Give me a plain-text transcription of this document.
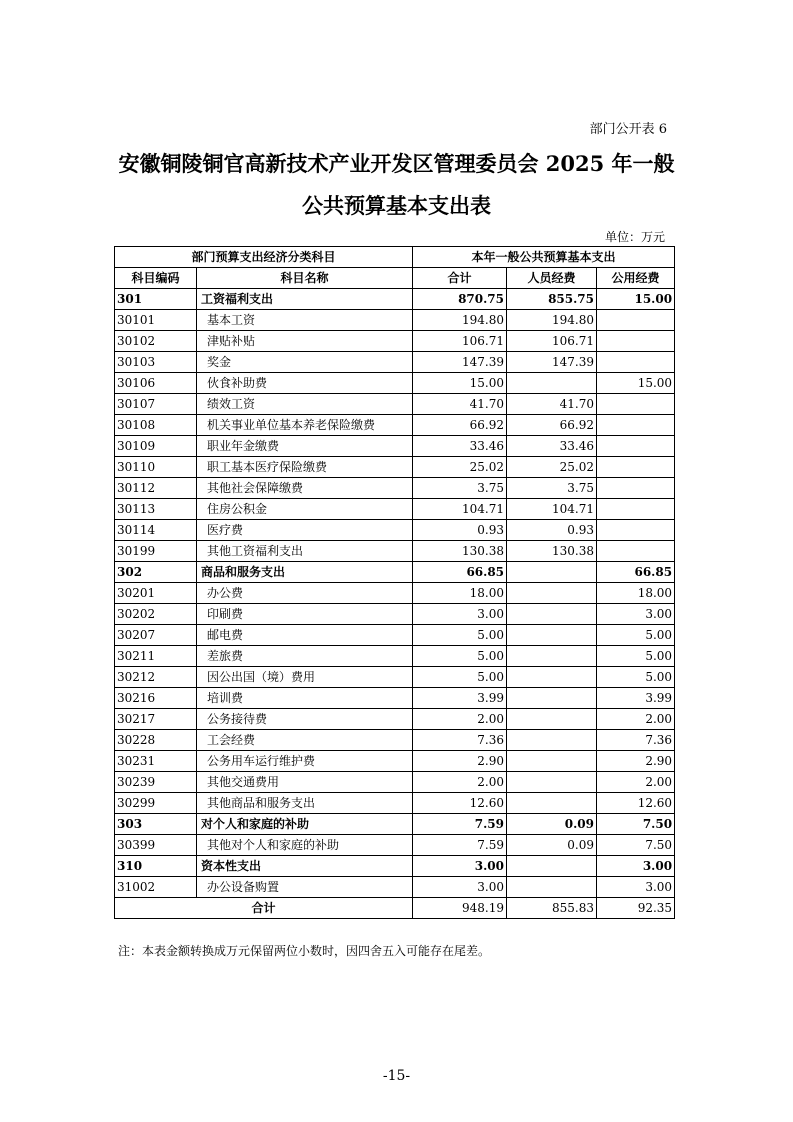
部门公开表 6
安徽铜陵铜官高新技术产业开发区管理委员会 2025 年一般
公共预算基本支出表
单位：万元
部门预算支出经济分类科目		本年一般公共预算基本支出		
科目编码	科目名称	合计	人员经费	公用经费
301	工资福利支出	870.75	855.75	15.00
30101	基本工资	194.80	194.80	
30102	津贴补贴	106.71	106.71	
30103	奖金	147.39	147.39	
30106	伙食补助费	15.00		15.00
30107	绩效工资	41.70	41.70	
30108	机关事业单位基本养老保险缴费	66.92	66.92	
30109	职业年金缴费	33.46	33.46	
30110	职工基本医疗保险缴费	25.02	25.02	
30112	其他社会保障缴费	3.75	3.75	
30113	住房公积金	104.71	104.71	
30114	医疗费	0.93	0.93	
30199	其他工资福利支出	130.38	130.38	
302	商品和服务支出	66.85		66.85
30201	办公费	18.00		18.00
30202	印刷费	3.00		3.00
30207	邮电费	5.00		5.00
30211	差旅费	5.00		5.00
30212	因公出国（境）费用	5.00		5.00
30216	培训费	3.99		3.99
30217	公务接待费	2.00		2.00
30228	工会经费	7.36		7.36
30231	公务用车运行维护费	2.90		2.90
30239	其他交通费用	2.00		2.00
30299	其他商品和服务支出	12.60		12.60
303	对个人和家庭的补助	7.59	0.09	7.50
30399	其他对个人和家庭的补助	7.59	0.09	7.50
310	资本性支出	3.00		3.00
31002	办公设备购置	3.00		3.00
合计		948.19	855.83	92.35
注：本表金额转换成万元保留两位小数时，因四舍五入可能存在尾差。
-15-
